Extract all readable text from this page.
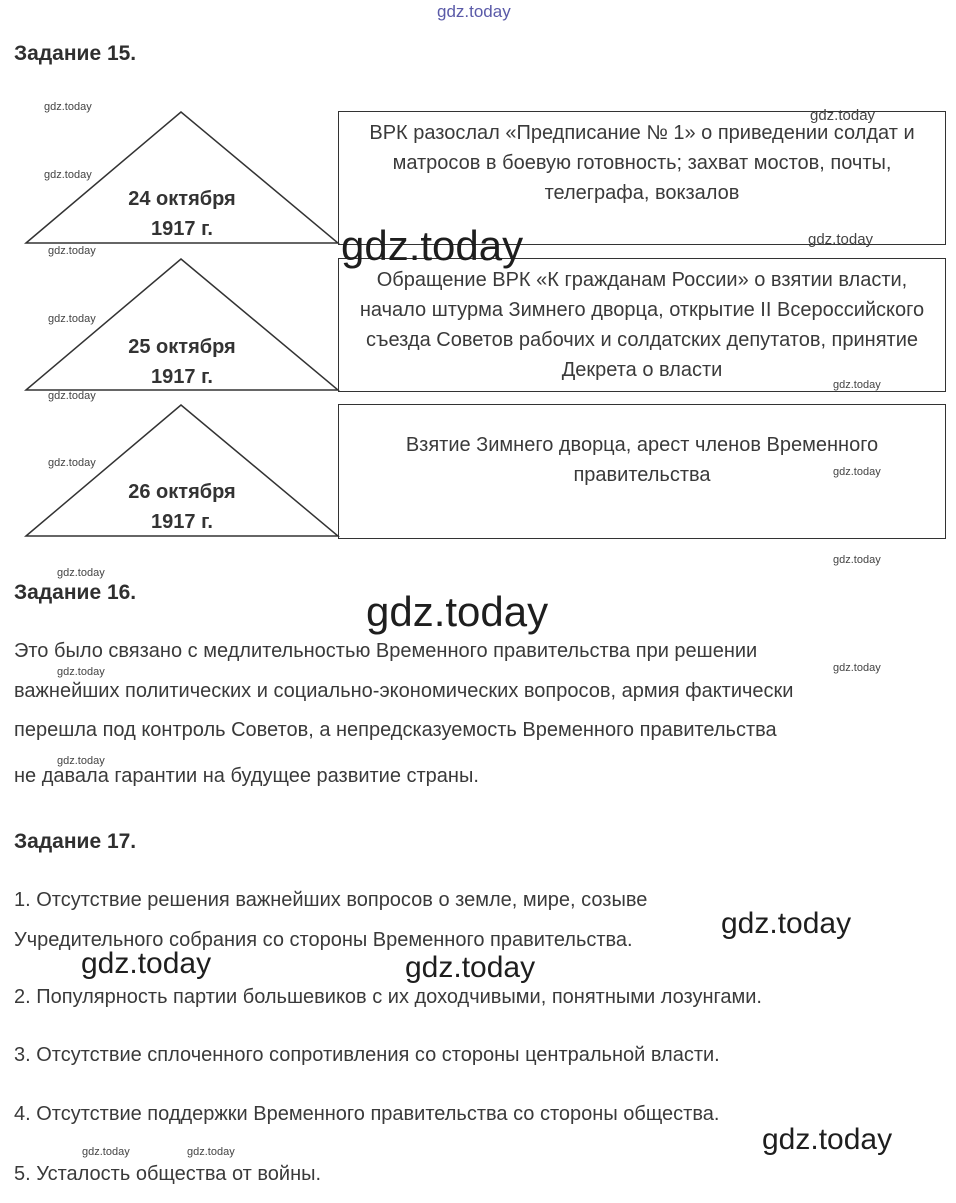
gdz.today
Задание 15.
24 октября
1917 г.
ВРК разослал «Предписание № 1» о приведении солдат и матросов в боевую готовность; захват мостов, почты, телеграфа, вокзалов
25 октября
1917 г.
Обращение ВРК «К гражданам России» о взятии власти, начало штурма Зимнего дворца, открытие II Всероссийского съезда Советов рабочих и солдатских депутатов, принятие Декрета о власти
26 октября
1917 г.
Взятие Зимнего дворца, арест членов Временного правительства
Задание 16.
Это было связано с медлительностью Временного правительства при решении
важнейших политических и социально-экономических вопросов, армия фактически
перешла под контроль Советов, а непредсказуемость Временного правительства
не давала гарантии на будущее развитие страны.
Задание 17.
1. Отсутствие решения важнейших вопросов о земле, мире, созыве
Учредительного собрания со стороны Временного правительства.
2. Популярность партии большевиков с их доходчивыми, понятными лозунгами.
3. Отсутствие сплоченного сопротивления со стороны центральной власти.
4. Отсутствие поддержки Временного правительства со стороны общества.
5. Усталость общества от войны.
gdz.today
gdz.today
gdz.today
gdz.today
gdz.today
gdz.today
gdz.today
gdz.today
gdz.today
gdz.today
gdz.today
gdz.today
gdz.today	gdz.today
gdz.today
gdz.today	gdz.today
gdz.today
gdz.today
gdz.today
gdz.today	gdz.today
gdz.today
